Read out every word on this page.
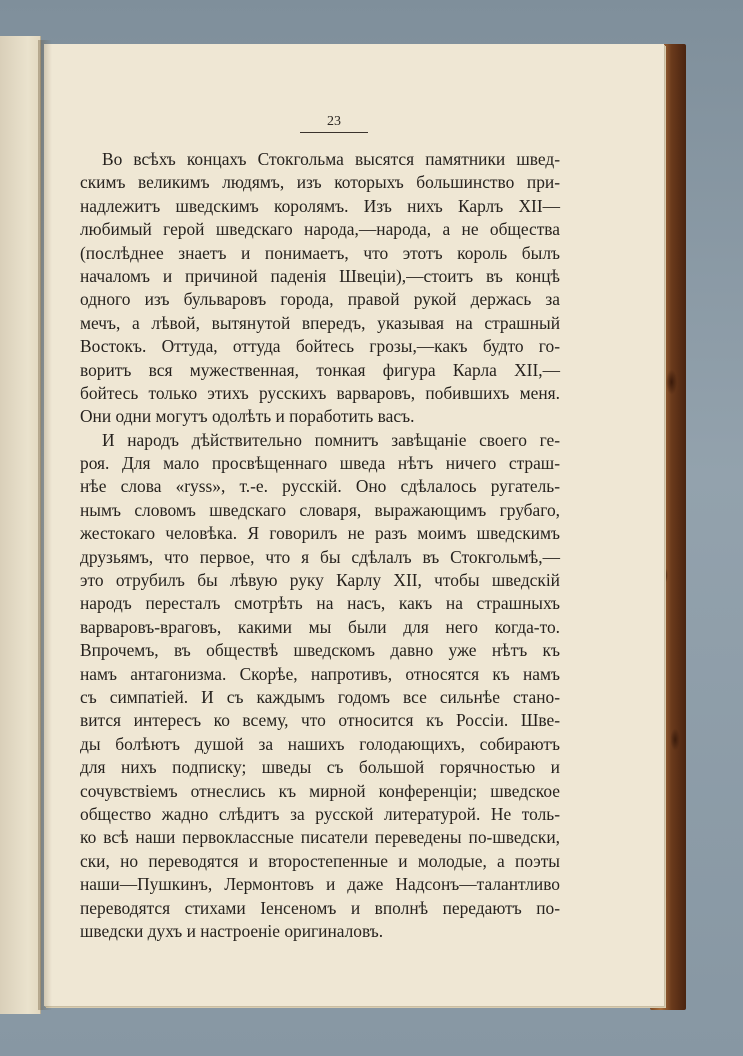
23
Во всѣхъ концахъ Стокгольма высятся памятники швед-
скимъ великимъ людямъ, изъ которыхъ большинство при-
надлежитъ шведскимъ королямъ. Изъ нихъ Карлъ XII—
любимый герой шведскаго народа,—народа, а не общества
(послѣднее знаетъ и понимаетъ, что этотъ король былъ
началомъ и причиной паденія Швеціи),—стоитъ въ концѣ
одного изъ бульваровъ города, правой рукой держась за
мечъ, а лѣвой, вытянутой впередъ, указывая на страшный
Востокъ. Оттуда, оттуда бойтесь грозы,—какъ будто го-
воритъ вся мужественная, тонкая фигура Карла XII,—
бойтесь только этихъ русскихъ варваровъ, побившихъ меня.
Они одни могутъ одолѣть и поработить васъ.
И народъ дѣйствительно помнитъ завѣщаніе своего ге-
роя. Для мало просвѣщеннаго шведа нѣтъ ничего страш-
нѣе слова «ryss», т.-е. русскій. Оно сдѣлалось ругатель-
нымъ словомъ шведскаго словаря, выражающимъ грубаго,
жестокаго человѣка. Я говорилъ не разъ моимъ шведскимъ
друзьямъ, что первое, что я бы сдѣлалъ въ Стокгольмѣ,—
это отрубилъ бы лѣвую руку Карлу XII, чтобы шведскій
народъ пересталъ смотрѣть на насъ, какъ на страшныхъ
варваровъ-враговъ, какими мы были для него когда-то.
Впрочемъ, въ обществѣ шведскомъ давно уже нѣтъ къ
намъ антагонизма. Скорѣе, напротивъ, относятся къ намъ
съ симпатіей. И съ каждымъ годомъ все сильнѣе стано-
вится интересъ ко всему, что относится къ Россіи. Шве-
ды болѣютъ душой за нашихъ голодающихъ, собираютъ
для нихъ подписку; шведы съ большой горячностью и
сочувствіемъ отнеслись къ мирной конференціи; шведское
общество жадно слѣдитъ за русской литературой. Не толь-
ко всѣ наши первоклассные писатели переведены по-шведски,
ски, но переводятся и второстепенные и молодые, а поэты
наши—Пушкинъ, Лермонтовъ и даже Надсонъ—талантливо
переводятся стихами Іенсеномъ и вполнѣ передаютъ по-
шведски духъ и настроеніе оригиналовъ.
